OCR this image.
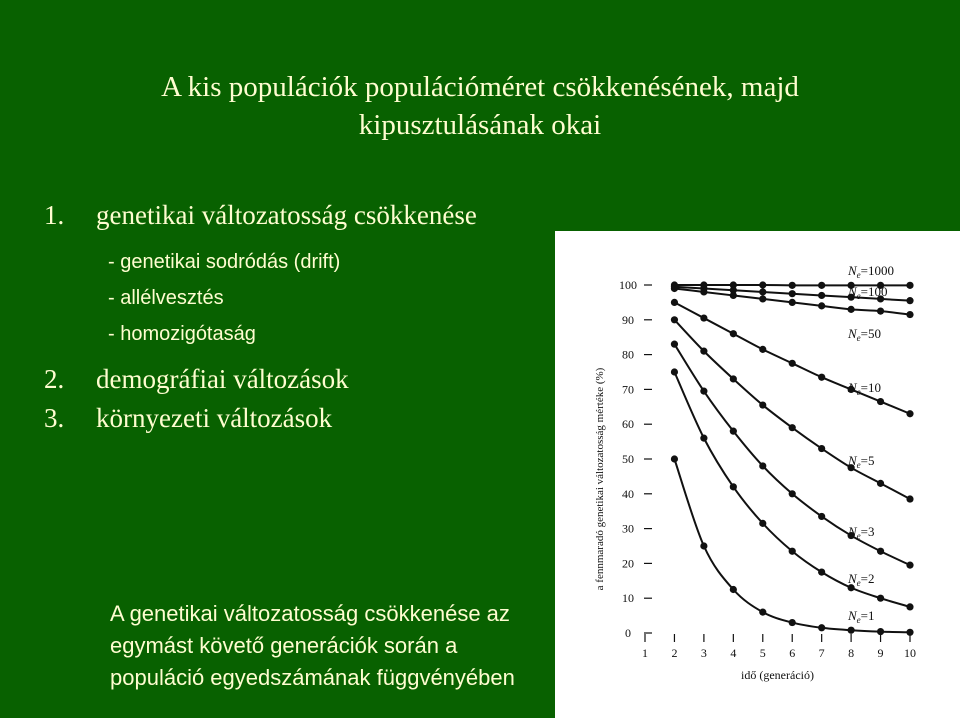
A kis populációk populációméret csökkenésének, majd
kipusztulásának okai
1. genetikai változatosság csökkenése
- genetikai sodródás (drift)
- allélvesztés
- homozigótaság
2. demográfiai változások
3. környezeti változások
A genetikai változatosság csökkenése az
egymást követő generációk során a
populáció egyedszámának függvényében
0
10
20
30
40
50
60
70
80
90
100
1 2 3 4 5 6 7 8 9 10
idő (generáció)
a fennmaradó genetikai változatosság mértéke (%)
$N_e=1000$
$N_e=100$
$N_e=50$
$N_e=10$
$N_e=5$
$N_e=3$
$N_e=2$
$N_e=1$
